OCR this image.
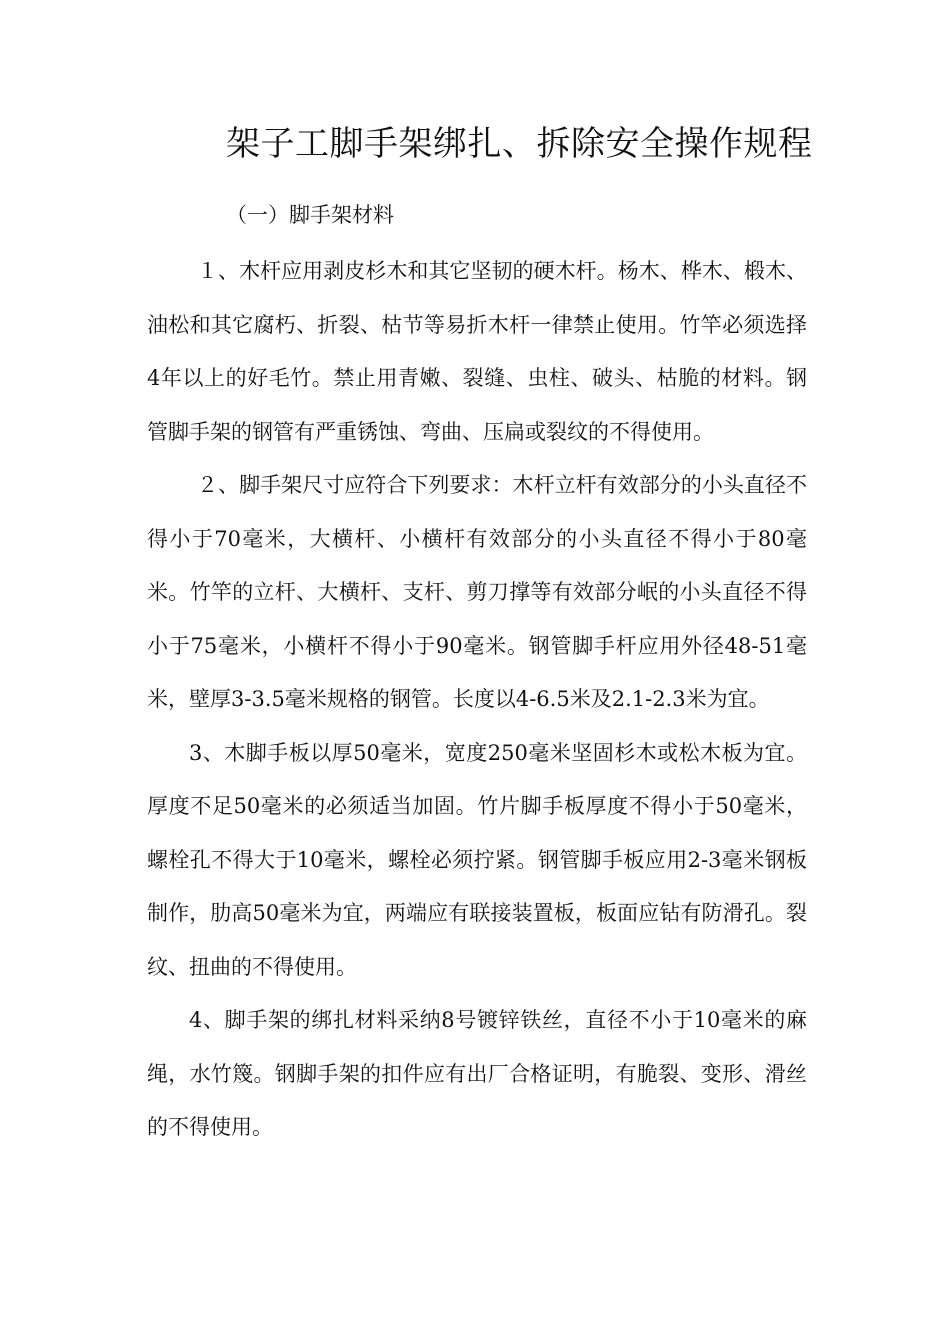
架子工脚手架绑扎、拆除安全操作规程
（一）脚手架材料

１、木杆应用剥皮杉木和其它坚韧的硬木杆。杨木、桦木、椴木、油松和其它腐朽、折裂、枯节等易折木杆一律禁止使用。竹竿必须选择4年以上的好毛竹。禁止用青嫩、裂缝、虫柱、破头、枯脆的材料。钢管脚手架的钢管有严重锈蚀、弯曲、压扁或裂纹的不得使用。

２、脚手架尺寸应符合下列要求：木杆立杆有效部分的小头直径不得小于70毫米，大横杆、小横杆有效部分的小头直径不得小于80毫米。竹竿的立杆、大横杆、支杆、剪刀撑等有效部分岷的小头直径不得小于75毫米，小横杆不得小于90毫米。钢管脚手杆应用外径48-51毫米，壁厚3-3.5毫米规格的钢管。长度以4-6.5米及2.1-2.3米为宜。

3、木脚手板以厚50毫米，宽度250毫米坚固杉木或松木板为宜。厚度不足50毫米的必须适当加固。竹片脚手板厚度不得小于50毫米，螺栓孔不得大于10毫米，螺栓必须拧紧。钢管脚手板应用2-3毫米钢板制作，肋高50毫米为宜，两端应有联接装置板，板面应钻有防滑孔。裂纹、扭曲的不得使用。

4、脚手架的绑扎材料采纳8号镀锌铁丝，直径不小于10毫米的麻绳，水竹篾。钢脚手架的扣件应有出厂合格证明，有脆裂、变形、滑丝的不得使用。
